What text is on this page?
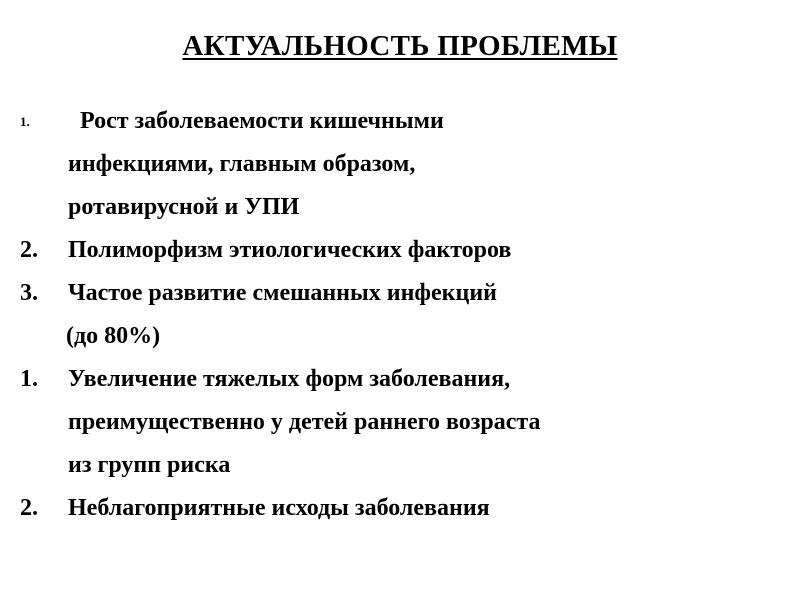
АКТУАЛЬНОСТЬ ПРОБЛЕМЫ
1.	Рост заболеваемости кишечными
инфекциями, главным образом,
ротавирусной и УПИ
2.	Полиморфизм этиологических факторов
3.	Частое развитие смешанных инфекций
(до 80%)
1.	Увеличение тяжелых форм заболевания,
преимущественно у детей раннего возраста
из групп риска
2.	Неблагоприятные исходы заболевания
